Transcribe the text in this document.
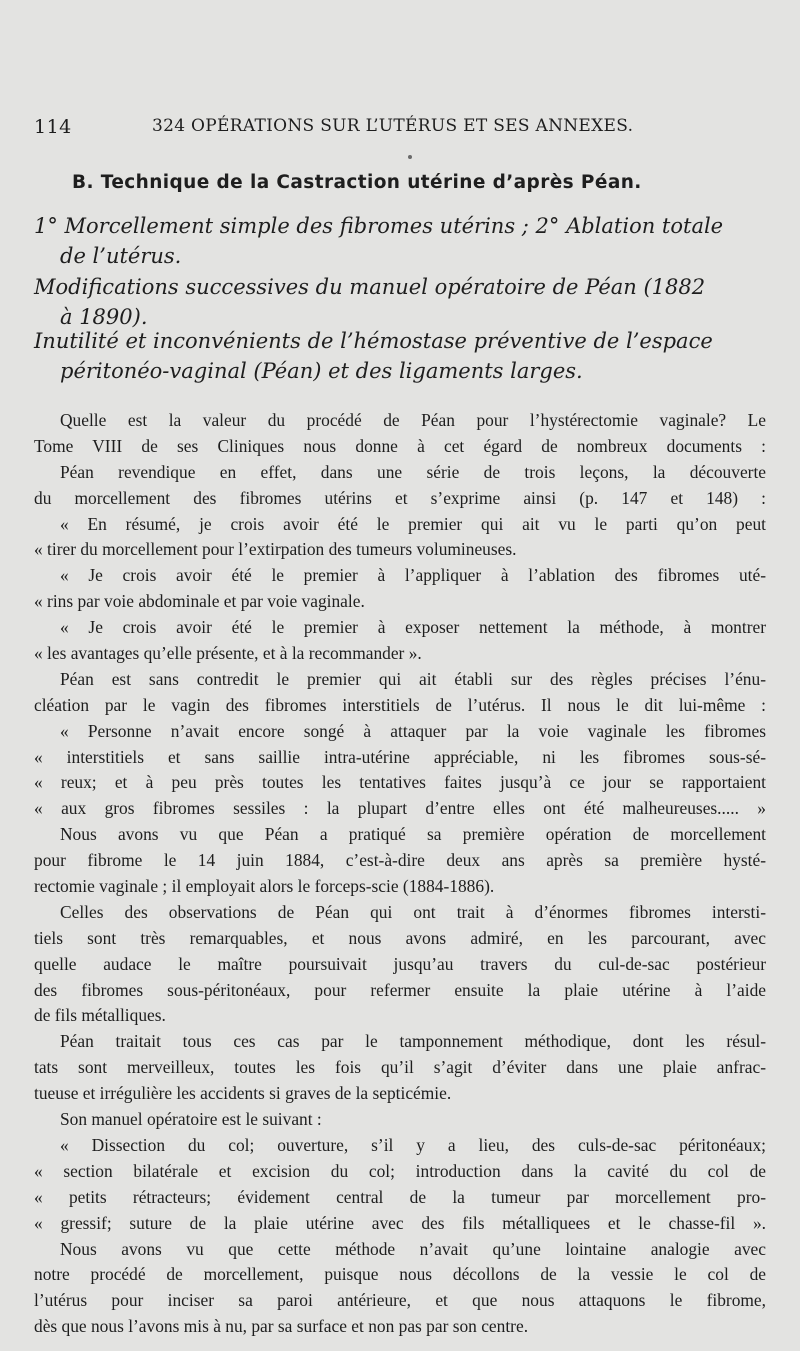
114	324 OPÉRATIONS SUR L’UTÉRUS ET SES ANNEXES.
B. Technique de la Castraction utérine d’après Péan.
1° Morcellement simple des fibromes utérins ; 2° Ablation totale
de l’utérus.
Modifications successives du manuel opératoire de Péan (1882
à 1890).
Inutilité et inconvénients de l’hémostase préventive de l’espace
péritonéo-vaginal (Péan) et des ligaments larges.
Quelle est la valeur du procédé de Péan pour l’hystérectomie vaginale? Le
Tome VIII de ses Cliniques nous donne à cet égard de nombreux documents :
Péan revendique en effet, dans une série de trois leçons, la découverte
du morcellement des fibromes utérins et s’exprime ainsi (p. 147 et 148) :
« En résumé, je crois avoir été le premier qui ait vu le parti qu’on peut
« tirer du morcellement pour l’extirpation des tumeurs volumineuses.
« Je crois avoir été le premier à l’appliquer à l’ablation des fibromes uté-
« rins par voie abdominale et par voie vaginale.
« Je crois avoir été le premier à exposer nettement la méthode, à montrer
« les avantages qu’elle présente, et à la recommander ».
Péan est sans contredit le premier qui ait établi sur des règles précises l’énu-
cléation par le vagin des fibromes interstitiels de l’utérus. Il nous le dit lui-même :
« Personne n’avait encore songé à attaquer par la voie vaginale les fibromes
« interstitiels et sans saillie intra-utérine appréciable, ni les fibromes sous-sé-
« reux; et à peu près toutes les tentatives faites jusqu’à ce jour se rapportaient
« aux gros fibromes sessiles : la plupart d’entre elles ont été malheureuses..... »
Nous avons vu que Péan a pratiqué sa première opération de morcellement
pour fibrome le 14 juin 1884, c’est-à-dire deux ans après sa première hysté-
rectomie vaginale ; il employait alors le forceps-scie (1884-1886).
Celles des observations de Péan qui ont trait à d’énormes fibromes intersti-
tiels sont très remarquables, et nous avons admiré, en les parcourant, avec
quelle audace le maître poursuivait jusqu’au travers du cul-de-sac postérieur
des fibromes sous-péritonéaux, pour refermer ensuite la plaie utérine à l’aide
de fils métalliques.
Péan traitait tous ces cas par le tamponnement méthodique, dont les résul-
tats sont merveilleux, toutes les fois qu’il s’agit d’éviter dans une plaie anfrac-
tueuse et irrégulière les accidents si graves de la septicémie.
Son manuel opératoire est le suivant :
« Dissection du col; ouverture, s’il y a lieu, des culs-de-sac péritonéaux;
« section bilatérale et excision du col; introduction dans la cavité du col de
« petits rétracteurs; évidement central de la tumeur par morcellement pro-
« gressif; suture de la plaie utérine avec des fils métalliquees et le chasse-fil ».
Nous avons vu que cette méthode n’avait qu’une lointaine analogie avec
notre procédé de morcellement, puisque nous décollons de la vessie le col de
l’utérus pour inciser sa paroi antérieure, et que nous attaquons le fibrome,
dès que nous l’avons mis à nu, par sa surface et non pas par son centre.
